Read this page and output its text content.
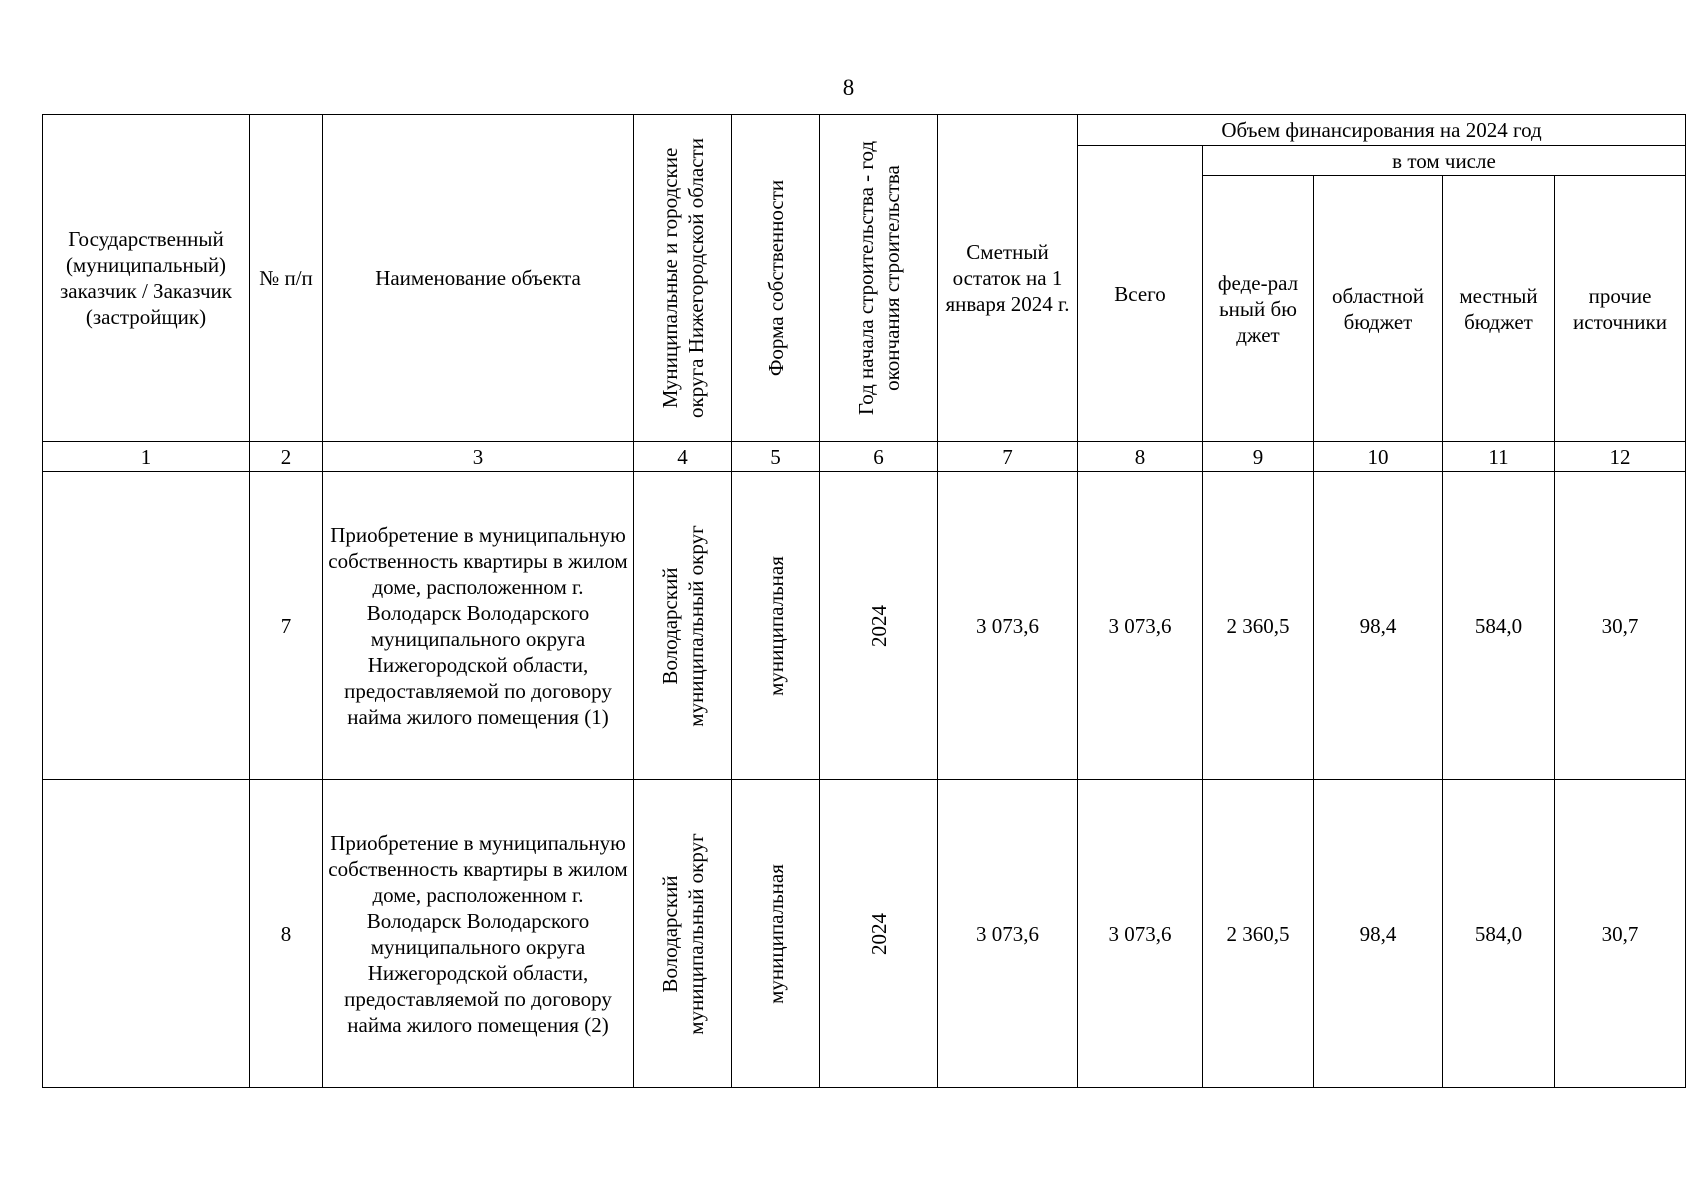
8
Государственный (муниципальный) заказчик / Заказчик (застройщик)	№ п/п	Наименование объекта	Муниципальные и городские округа Нижегородской области	Форма собственности	Год начала строительства - год окончания строительства	Сметный остаток на 1 января 2024 г.	Объем финансирования на 2024 год				

							Всего	в том числе			

								феде-ральный бюджет	областной бюджет	местный бюджет	прочие источники

1	2	3	4	5	6	7	8	9	10	11	12
	7	Приобретение в муниципальную собственность квартиры в жилом доме, расположенном г. Володарск Володарского муниципального округа Нижегородской области, предоставляемой по договору найма жилого помещения (1)	Володарский муниципальный округ	муниципальная	2024	3 073,6	3 073,6	2 360,5	98,4	584,0	30,7
	8	Приобретение в муниципальную собственность квартиры в жилом доме, расположенном г. Володарск Володарского муниципального округа Нижегородской области, предоставляемой по договору найма жилого помещения (2)	Володарский муниципальный округ	муниципальная	2024	3 073,6	3 073,6	2 360,5	98,4	584,0	30,7
